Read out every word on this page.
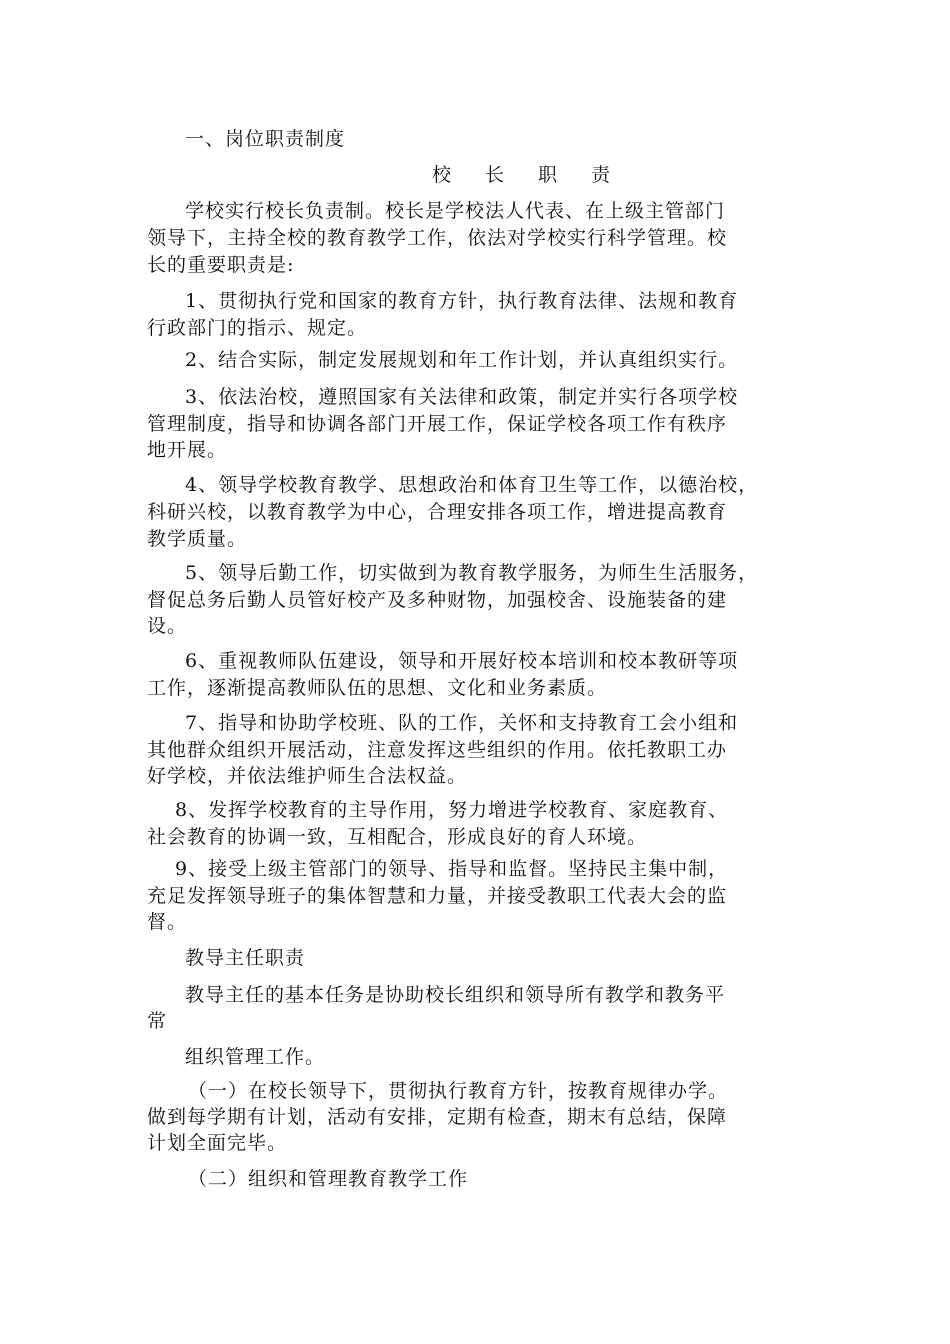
一、岗位职责制度
校 长 职 责
学校实行校长负责制。校长是学校法人代表、在上级主管部门
领导下，主持全校的教育教学工作，依法对学校实行科学管理。校
长的重要职责是:
1、贯彻执行党和国家的教育方针，执行教育法律、法规和教育
行政部门的指示、规定。
2、结合实际，制定发展规划和年工作计划，并认真组织实行。
3、依法治校，遵照国家有关法律和政策，制定并实行各项学校
管理制度，指导和协调各部门开展工作，保证学校各项工作有秩序
地开展。
4、领导学校教育教学、思想政治和体育卫生等工作，以德治校，
科研兴校，以教育教学为中心，合理安排各项工作，增进提高教育
教学质量。
5、领导后勤工作，切实做到为教育教学服务，为师生生活服务，
督促总务后勤人员管好校产及多种财物，加强校舍、设施装备的建
设。
6、重视教师队伍建设，领导和开展好校本培训和校本教研等项
工作，逐渐提高教师队伍的思想、文化和业务素质。
7、指导和协助学校班、队的工作，关怀和支持教育工会小组和
其他群众组织开展活动，注意发挥这些组织的作用。依托教职工办
好学校，并依法维护师生合法权益。
8、发挥学校教育的主导作用，努力增进学校教育、家庭教育、
社会教育的协调一致，互相配合，形成良好的育人环境。
9、接受上级主管部门的领导、指导和监督。坚持民主集中制，
充足发挥领导班子的集体智慧和力量，并接受教职工代表大会的监
督。
教导主任职责
教导主任的基本任务是协助校长组织和领导所有教学和教务平
常
组织管理工作。
（一）在校长领导下，贯彻执行教育方针，按教育规律办学。
做到每学期有计划，活动有安排，定期有检查，期末有总结，保障
计划全面完毕。
（二）组织和管理教育教学工作
